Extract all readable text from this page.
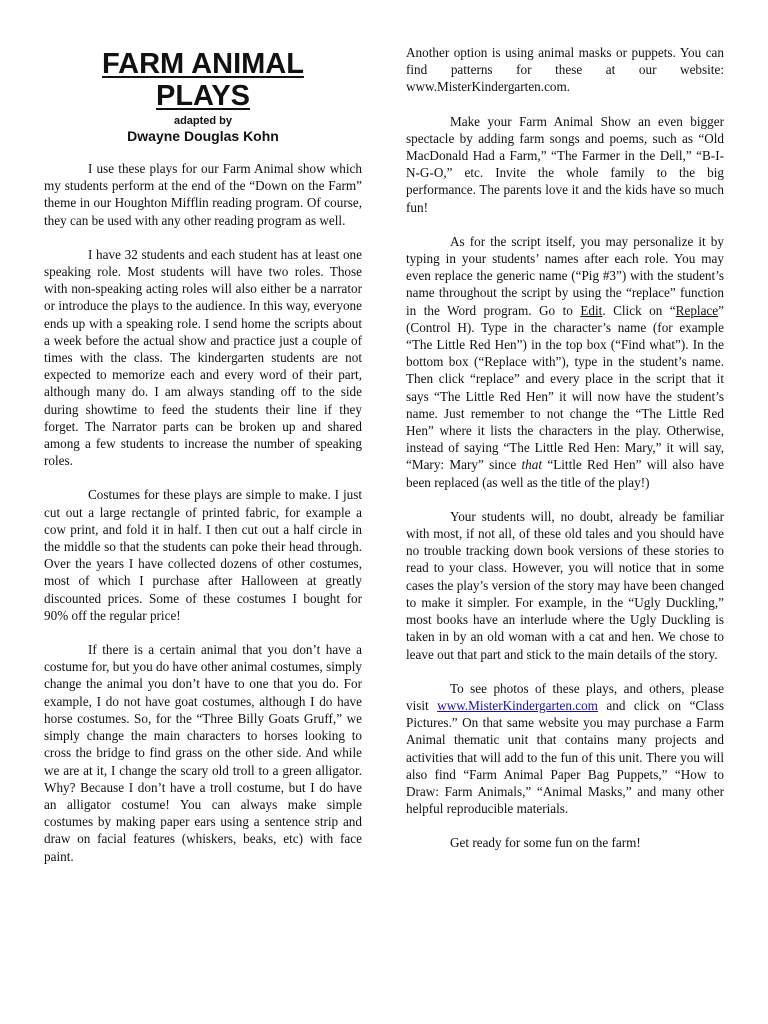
FARM ANIMAL
PLAYS
adapted by
Dwayne Douglas Kohn

I use these plays for our Farm Animal show which my students perform at the end of the “Down on the Farm” theme in our Houghton Mifflin reading program. Of course, they can be used with any other reading program as well.

I have 32 students and each student has at least one speaking role. Most students will have two roles. Those with non-speaking acting roles will also either be a narrator or introduce the plays to the audience. In this way, everyone ends up with a speaking role. I send home the scripts about a week before the actual show and practice just a couple of times with the class. The kindergarten students are not expected to memorize each and every word of their part, although many do. I am always standing off to the side during showtime to feed the students their line if they forget. The Narrator parts can be broken up and shared among a few students to increase the number of speaking roles.

Costumes for these plays are simple to make. I just cut out a large rectangle of printed fabric, for example a cow print, and fold it in half. I then cut out a half circle in the middle so that the students can poke their head through. Over the years I have collected dozens of other costumes, most of which I purchase after Halloween at greatly discounted prices. Some of these costumes I bought for 90% off the regular price!

If there is a certain animal that you don’t have a costume for, but you do have other animal costumes, simply change the animal you don’t have to one that you do. For example, I do not have goat costumes, although I do have horse costumes. So, for the “Three Billy Goats Gruff,” we simply change the main characters to horses looking to cross the bridge to find grass on the other side. And while we are at it, I change the scary old troll to a green alligator. Why? Because I don’t have a troll costume, but I do have an alligator costume! You can always make simple costumes by making paper ears using a sentence strip and draw on facial features (whiskers, beaks, etc) with face paint.

Another option is using animal masks or puppets. You can find patterns for these at our website: www.MisterKindergarten.com.

Make your Farm Animal Show an even bigger spectacle by adding farm songs and poems, such as “Old MacDonald Had a Farm,” “The Farmer in the Dell,” “B-I-N-G-O,” etc. Invite the whole family to the big performance. The parents love it and the kids have so much fun!

As for the script itself, you may personalize it by typing in your students’ names after each role. You may even replace the generic name (“Pig #3”) with the student’s name throughout the script by using the “replace” function in the Word program. Go to Edit. Click on “Replace” (Control H). Type in the character’s name (for example “The Little Red Hen”) in the top box (“Find what”). In the bottom box (“Replace with”), type in the student’s name. Then click “replace” and every place in the script that it says “The Little Red Hen” it will now have the student’s name. Just remember to not change the “The Little Red Hen” where it lists the characters in the play. Otherwise, instead of saying “The Little Red Hen: Mary,” it will say, “Mary: Mary” since that “Little Red Hen” will also have been replaced (as well as the title of the play!)

Your students will, no doubt, already be familiar with most, if not all, of these old tales and you should have no trouble tracking down book versions of these stories to read to your class. However, you will notice that in some cases the play’s version of the story may have been changed to make it simpler. For example, in the “Ugly Duckling,” most books have an interlude where the Ugly Duckling is taken in by an old woman with a cat and hen. We chose to leave out that part and stick to the main details of the story.

To see photos of these plays, and others, please visit www.MisterKindergarten.com and click on “Class Pictures.” On that same website you may purchase a Farm Animal thematic unit that contains many projects and activities that will add to the fun of this unit. There you will also find “Farm Animal Paper Bag Puppets,” “How to Draw: Farm Animals,” “Animal Masks,” and many other helpful reproducible materials.

Get ready for some fun on the farm!
